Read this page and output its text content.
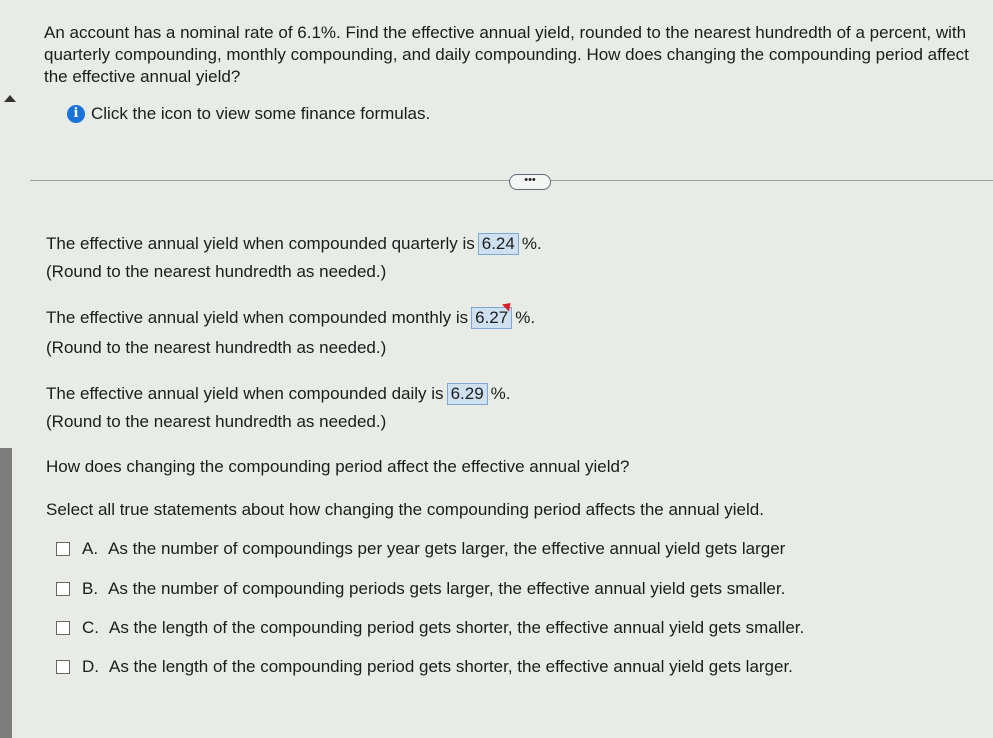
An account has a nominal rate of 6.1%. Find the effective annual yield, rounded to the nearest hundredth of a percent, with quarterly compounding, monthly compounding, and daily compounding. How does changing the compounding period affect the effective annual yield?
i Click the icon to view some finance formulas.
•••
The effective annual yield when compounded quarterly is 6.24 %.
(Round to the nearest hundredth as needed.)
The effective annual yield when compounded monthly is 6.27 %.
(Round to the nearest hundredth as needed.)
The effective annual yield when compounded daily is 6.29 %.
(Round to the nearest hundredth as needed.)
How does changing the compounding period affect the effective annual yield?
Select all true statements about how changing the compounding period affects the annual yield.
A. As the number of compoundings per year gets larger, the effective annual yield gets larger
B. As the number of compounding periods gets larger, the effective annual yield gets smaller.
C. As the length of the compounding period gets shorter, the effective annual yield gets smaller.
D. As the length of the compounding period gets shorter, the effective annual yield gets larger.
